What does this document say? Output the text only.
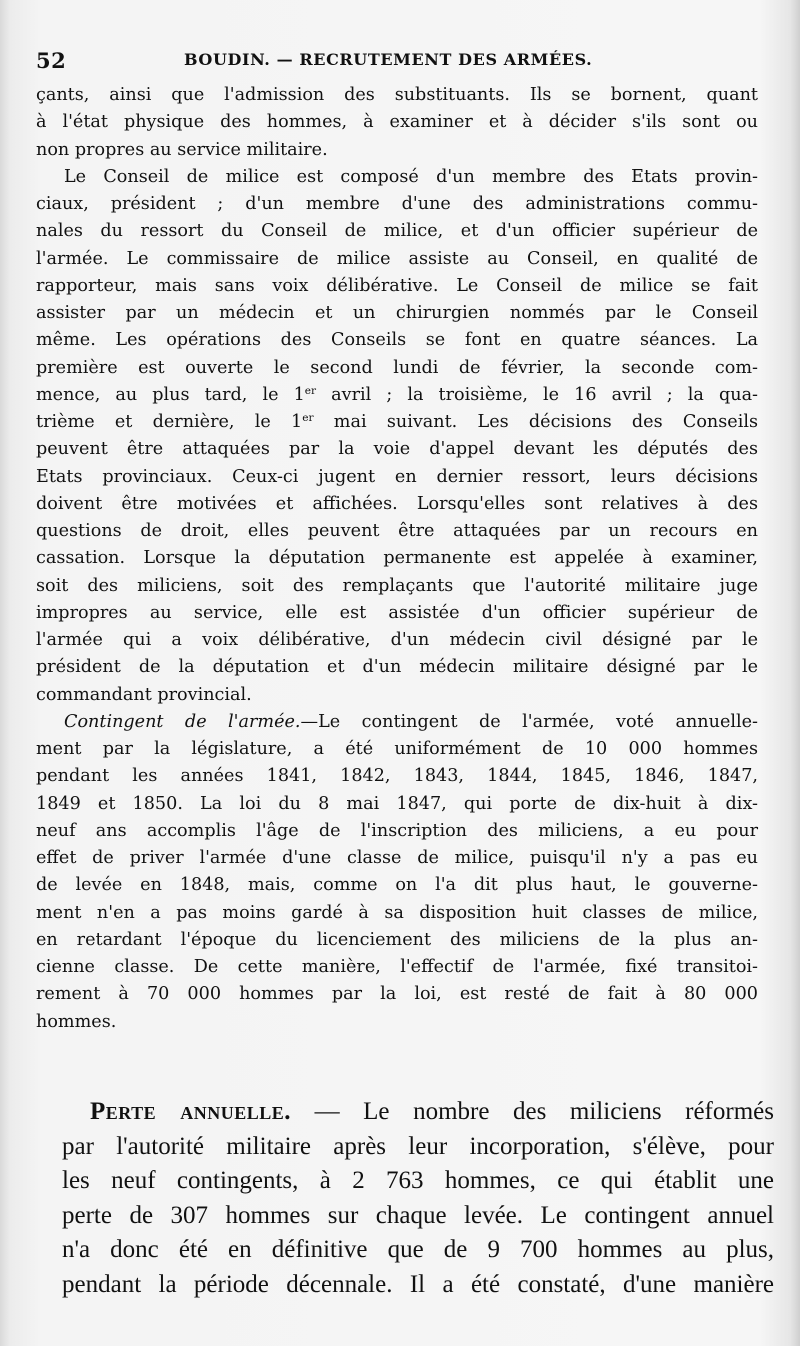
52	BOUDIN. — RECRUTEMENT DES ARMÉES.
çants, ainsi que l'admission des substituants. Ils se bornent, quant
à l'état physique des hommes, à examiner et à décider s'ils sont ou
non propres au service militaire.
Le Conseil de milice est composé d'un membre des Etats provin-
ciaux, président ; d'un membre d'une des administrations commu-
nales du ressort du Conseil de milice, et d'un officier supérieur de
l'armée. Le commissaire de milice assiste au Conseil, en qualité de
rapporteur, mais sans voix délibérative. Le Conseil de milice se fait
assister par un médecin et un chirurgien nommés par le Conseil
même. Les opérations des Conseils se font en quatre séances. La
première est ouverte le second lundi de février, la seconde com-
mence, au plus tard, le 1er avril ; la troisième, le 16 avril ; la qua-
trième et dernière, le 1er mai suivant. Les décisions des Conseils
peuvent être attaquées par la voie d'appel devant les députés des
Etats provinciaux. Ceux-ci jugent en dernier ressort, leurs décisions
doivent être motivées et affichées. Lorsqu'elles sont relatives à des
questions de droit, elles peuvent être attaquées par un recours en
cassation. Lorsque la députation permanente est appelée à examiner,
soit des miliciens, soit des remplaçants que l'autorité militaire juge
impropres au service, elle est assistée d'un officier supérieur de
l'armée qui a voix délibérative, d'un médecin civil désigné par le
président de la députation et d'un médecin militaire désigné par le
commandant provincial.
Contingent de l'armée.—Le contingent de l'armée, voté annuelle-
ment par la législature, a été uniformément de 10 000 hommes
pendant les années 1841, 1842, 1843, 1844, 1845, 1846, 1847,
1849 et 1850. La loi du 8 mai 1847, qui porte de dix-huit à dix-
neuf ans accomplis l'âge de l'inscription des miliciens, a eu pour
effet de priver l'armée d'une classe de milice, puisqu'il n'y a pas eu
de levée en 1848, mais, comme on l'a dit plus haut, le gouverne-
ment n'en a pas moins gardé à sa disposition huit classes de milice,
en retardant l'époque du licenciement des miliciens de la plus an-
cienne classe. De cette manière, l'effectif de l'armée, fixé transitoi-
rement à 70 000 hommes par la loi, est resté de fait à 80 000
hommes.
Perte annuelle. — Le nombre des miliciens réformés
par l'autorité militaire après leur incorporation, s'élève, pour
les neuf contingents, à 2 763 hommes, ce qui établit une
perte de 307 hommes sur chaque levée. Le contingent annuel
n'a donc été en définitive que de 9 700 hommes au plus,
pendant la période décennale. Il a été constaté, d'une manière
